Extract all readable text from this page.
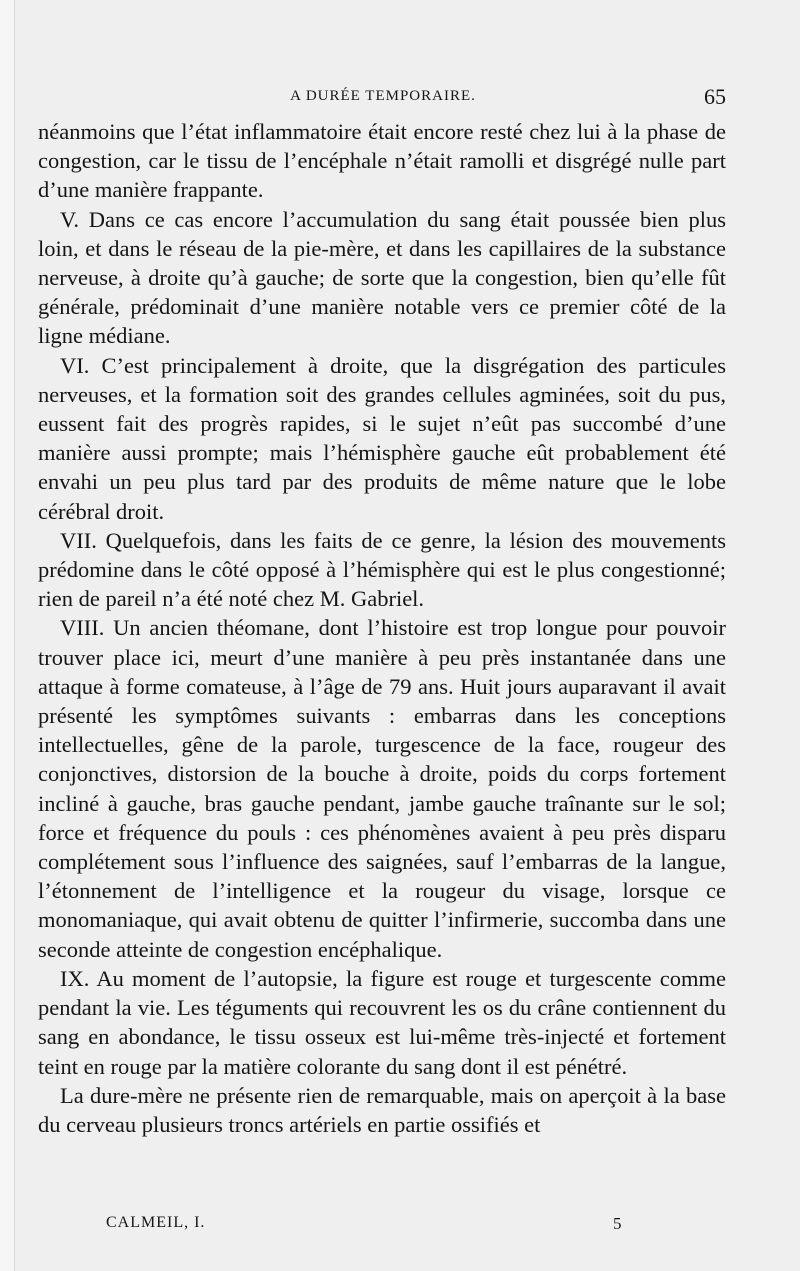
A DURÉE TEMPORAIRE.	65

néanmoins que l’état inflammatoire était encore resté chez lui à la phase de congestion, car le tissu de l’encéphale n’était ramolli et disgrégé nulle part d’une manière frappante.

V. Dans ce cas encore l’accumulation du sang était poussée bien plus loin, et dans le réseau de la pie-mère, et dans les capillaires de la substance nerveuse, à droite qu’à gauche; de sorte que la congestion, bien qu’elle fût générale, prédominait d’une manière notable vers ce premier côté de la ligne médiane.

VI. C’est principalement à droite, que la disgrégation des particules nerveuses, et la formation soit des grandes cellules agminées, soit du pus, eussent fait des progrès rapides, si le sujet n’eût pas succombé d’une manière aussi prompte; mais l’hémisphère gauche eût probablement été envahi un peu plus tard par des produits de même nature que le lobe cérébral droit.

VII. Quelquefois, dans les faits de ce genre, la lésion des mouvements prédomine dans le côté opposé à l’hémisphère qui est le plus congestionné; rien de pareil n’a été noté chez M. Gabriel.

VIII. Un ancien théomane, dont l’histoire est trop longue pour pouvoir trouver place ici, meurt d’une manière à peu près instantanée dans une attaque à forme comateuse, à l’âge de 79 ans. Huit jours auparavant il avait présenté les symptômes suivants : embarras dans les conceptions intellectuelles, gêne de la parole, turgescence de la face, rougeur des conjonctives, distorsion de la bouche à droite, poids du corps fortement incliné à gauche, bras gauche pendant, jambe gauche traînante sur le sol; force et fréquence du pouls : ces phénomènes avaient à peu près disparu complétement sous l’influence des saignées, sauf l’embarras de la langue, l’étonnement de l’intelligence et la rougeur du visage, lorsque ce monomaniaque, qui avait obtenu de quitter l’infirmerie, succomba dans une seconde atteinte de congestion encéphalique.

IX. Au moment de l’autopsie, la figure est rouge et turgescente comme pendant la vie. Les téguments qui recouvrent les os du crâne contiennent du sang en abondance, le tissu osseux est lui-même très-injecté et fortement teint en rouge par la matière colorante du sang dont il est pénétré.

La dure-mère ne présente rien de remarquable, mais on aperçoit à la base du cerveau plusieurs troncs artériels en partie ossifiés et

CALMEIL, I.	5
